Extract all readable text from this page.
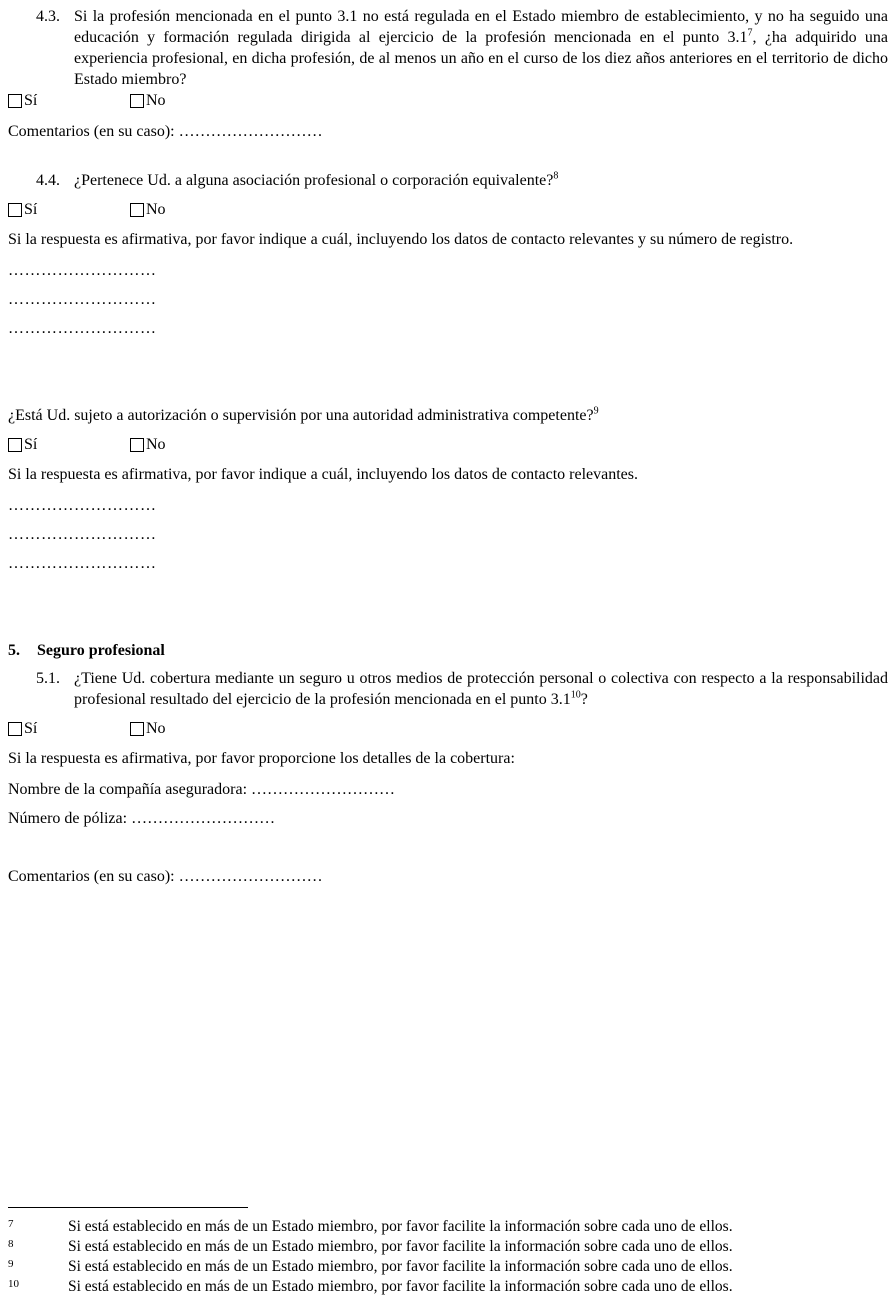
4.3. Si la profesión mencionada en el punto 3.1 no está regulada en el Estado miembro de establecimiento, y no ha seguido una educación y formación regulada dirigida al ejercicio de la profesión mencionada en el punto $3.1^7$, ¿ha adquirido una experiencia profesional, en dicha profesión, de al menos un año en el curso de los diez años anteriores en el territorio de dicho Estado miembro?
Sí	No
Comentarios (en su caso): ………………………
4.4. ¿Pertenece Ud. a alguna asociación profesional o corporación equivalente?$^8$
Sí	No
Si la respuesta es afirmativa, por favor indique a cuál, incluyendo los datos de contacto relevantes y su número de registro.
………………………
………………………
………………………
¿Está Ud. sujeto a autorización o supervisión por una autoridad administrativa competente?$^9$
Sí	No
Si la respuesta es afirmativa, por favor indique a cuál, incluyendo los datos de contacto relevantes.
………………………
………………………
………………………
5. Seguro profesional
5.1. ¿Tiene Ud. cobertura mediante un seguro u otros medios de protección personal o colectiva con respecto a la responsabilidad profesional resultado del ejercicio de la profesión mencionada en el punto $3.1^{10}$?
Sí	No
Si la respuesta es afirmativa, por favor proporcione los detalles de la cobertura:
Nombre de la compañía aseguradora: ………………………
Número de póliza: ………………………
Comentarios (en su caso): ………………………
7	Si está establecido en más de un Estado miembro, por favor facilite la información sobre cada uno de ellos.
8	Si está establecido en más de un Estado miembro, por favor facilite la información sobre cada uno de ellos.
9	Si está establecido en más de un Estado miembro, por favor facilite la información sobre cada uno de ellos.
10	Si está establecido en más de un Estado miembro, por favor facilite la información sobre cada uno de ellos.
